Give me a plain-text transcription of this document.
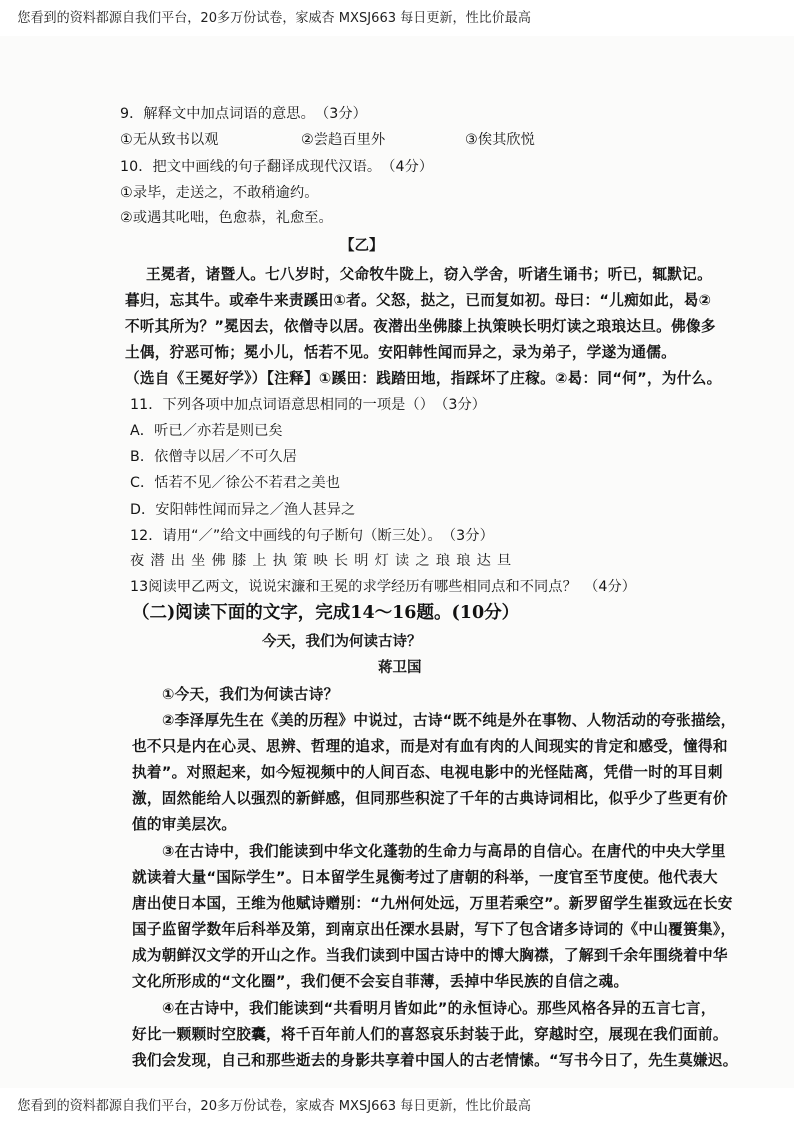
您看到的资料都源自我们平台，20多万份试卷，家威杏 MXSJ663 每日更新，性比价最高
9．解释文中加点词语的意思。　（3分）
①无从致书以观	②尝趋百里外	③俟其欣悦
10．把文中画线的句子翻译成现代汉语。　（4分）
①录毕，走送之，不敢稍逾约。
②或遇其叱咄，色愈恭，礼愈至。
【乙】
王冕者，诸暨人。七八岁时，父命牧牛陇上，窃入学舍，听诸生诵书；听已，辄默记。
暮归，忘其牛。或牵牛来责蹊田①者。父怒，挞之，已而复如初。母曰：“儿痴如此，曷②
不听其所为？”冕因去，依僧寺以居。夜潜出坐佛膝上执策映长明灯读之琅琅达旦。佛像多
土偶，狞恶可怖；冕小儿，恬若不见。安阳韩性闻而异之，录为弟子，学遂为通儒。
（选自《王冕好学》）【注释】①蹊田：践踏田地，指踩坏了庄稼。②曷：同“何”，为什么。
11．下列各项中加点词语意思相同的一项是（）　（3分）
A．听已／亦若是则已矣
B．依僧寺以居／不可久居
C．恬若不见／徐公不若君之美也
D．安阳韩性闻而异之／渔人甚异之
12．请用“／”给文中画线的句子断句（断三处）。　（3分）
夜潜出坐佛膝上执策映长明灯读之琅琅达旦
13阅读甲乙两文，说说宋濂和王冕的求学经历有哪些相同点和不同点？　（4分）
（二)阅读下面的文字，完成14～16题。(10分）
今天，我们为何读古诗？
蒋卫国
①今天，我们为何读古诗？
②李泽厚先生在《美的历程》中说过，古诗“既不纯是外在事物、人物活动的夸张描绘，
也不只是内在心灵、思辨、哲理的追求，而是对有血有肉的人间现实的肯定和感受，憧得和
执着”。对照起来，如今短视频中的人间百态、电视电影中的光怪陆离，凭借一时的耳目刺
激，固然能给人以强烈的新鲜感，但同那些积淀了千年的古典诗词相比，似乎少了些更有价
值的审美层次。
③在古诗中，我们能读到中华文化蓬勃的生命力与高昂的自信心。在唐代的中央大学里
就读着大量“国际学生”。日本留学生晁衡考过了唐朝的科举，一度官至节度使。他代表大
唐出使日本国，王维为他赋诗赠别：“九州何处远，万里若乘空”。新罗留学生崔致远在长安
国子监留学数年后科举及第，到南京出任溧水县尉，写下了包含诸多诗词的《中山覆篑集》，
成为朝鲜汉文学的开山之作。当我们读到中国古诗中的博大胸襟，了解到千余年围绕着中华
文化所形成的“文化圈”，我们便不会妄自菲薄，丢掉中华民族的自信之魂。
④在古诗中，我们能读到“共看明月皆如此”的永恒诗心。那些风格各异的五言七言，
好比一颗颗时空胶囊，将千百年前人们的喜怒哀乐封装于此，穿越时空，展现在我们面前。
我们会发现，自己和那些逝去的身影共享着中国人的古老情愫。“写书今日了，先生莫嫌迟。
您看到的资料都源自我们平台，20多万份试卷，家威杏 MXSJ663 每日更新，性比价最高
